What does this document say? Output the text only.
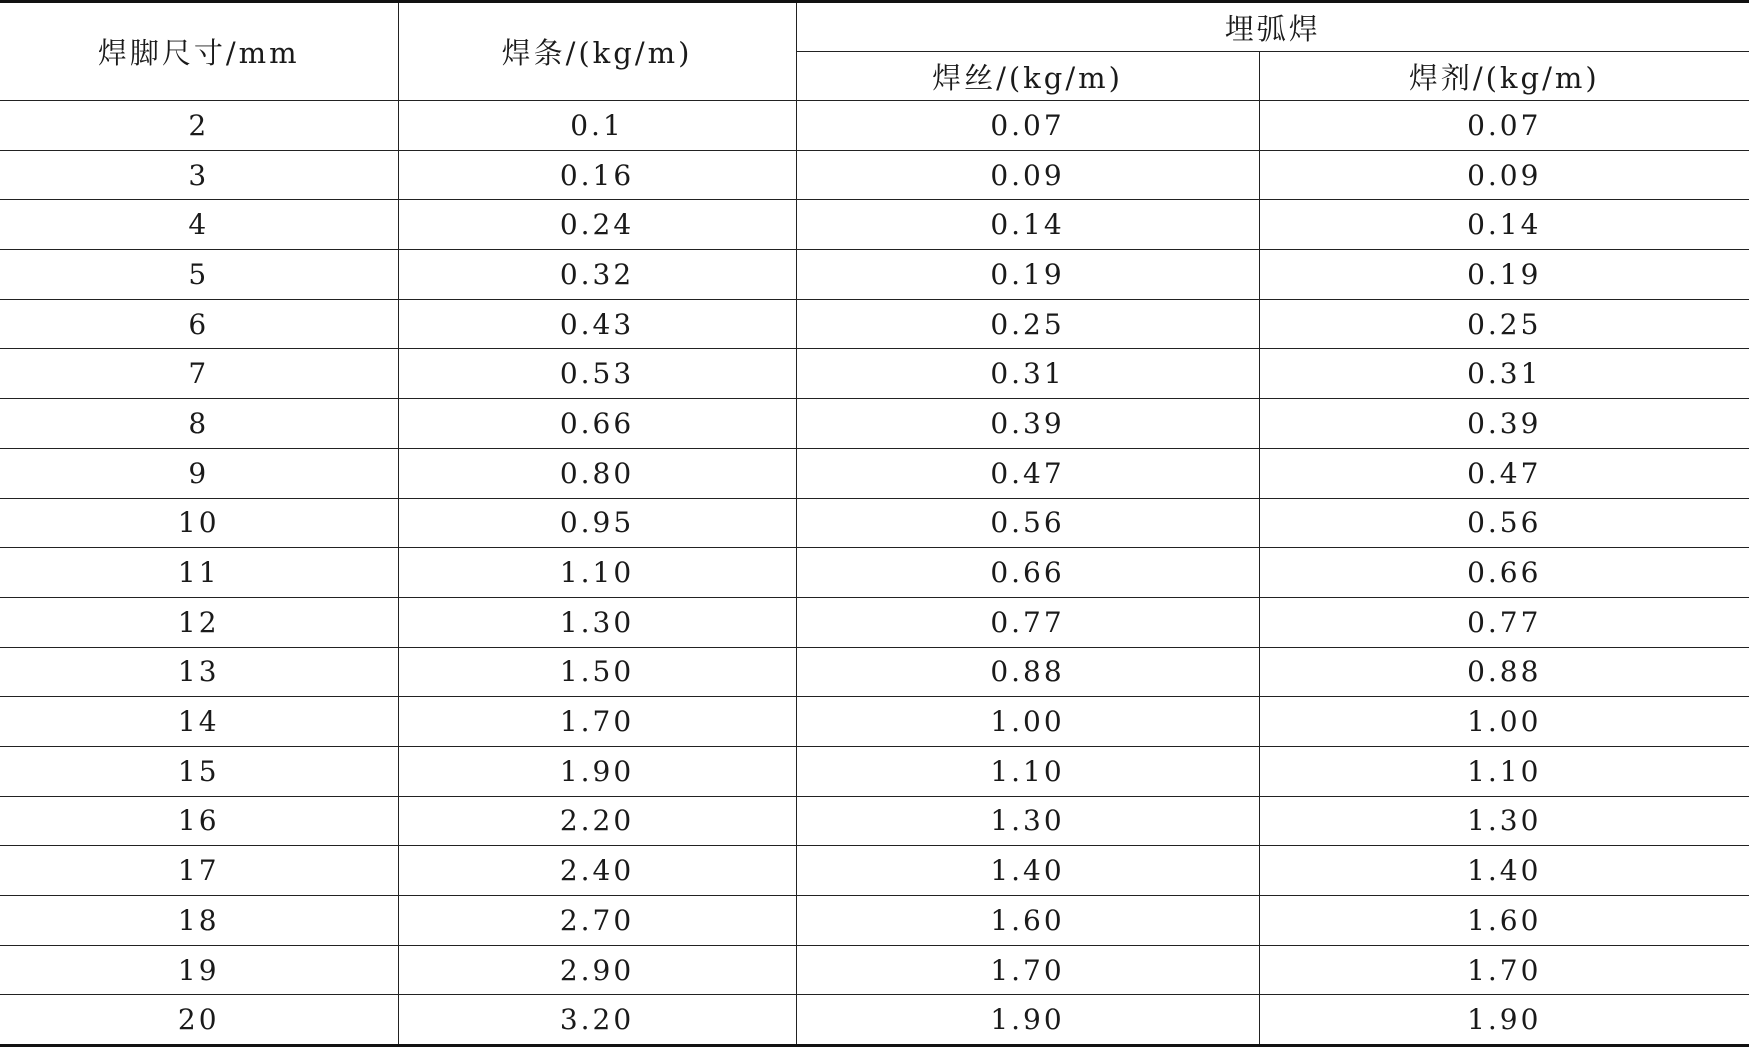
焊脚尺寸/mm	焊条/(kg/m)	埋弧焊	
		焊丝/(kg/m)	焊剂/(kg/m)
2	0.1	0.07	0.07
3	0.16	0.09	0.09
4	0.24	0.14	0.14
5	0.32	0.19	0.19
6	0.43	0.25	0.25
7	0.53	0.31	0.31
8	0.66	0.39	0.39
9	0.80	0.47	0.47
10	0.95	0.56	0.56
11	1.10	0.66	0.66
12	1.30	0.77	0.77
13	1.50	0.88	0.88
14	1.70	1.00	1.00
15	1.90	1.10	1.10
16	2.20	1.30	1.30
17	2.40	1.40	1.40
18	2.70	1.60	1.60
19	2.90	1.70	1.70
20	3.20	1.90	1.90
